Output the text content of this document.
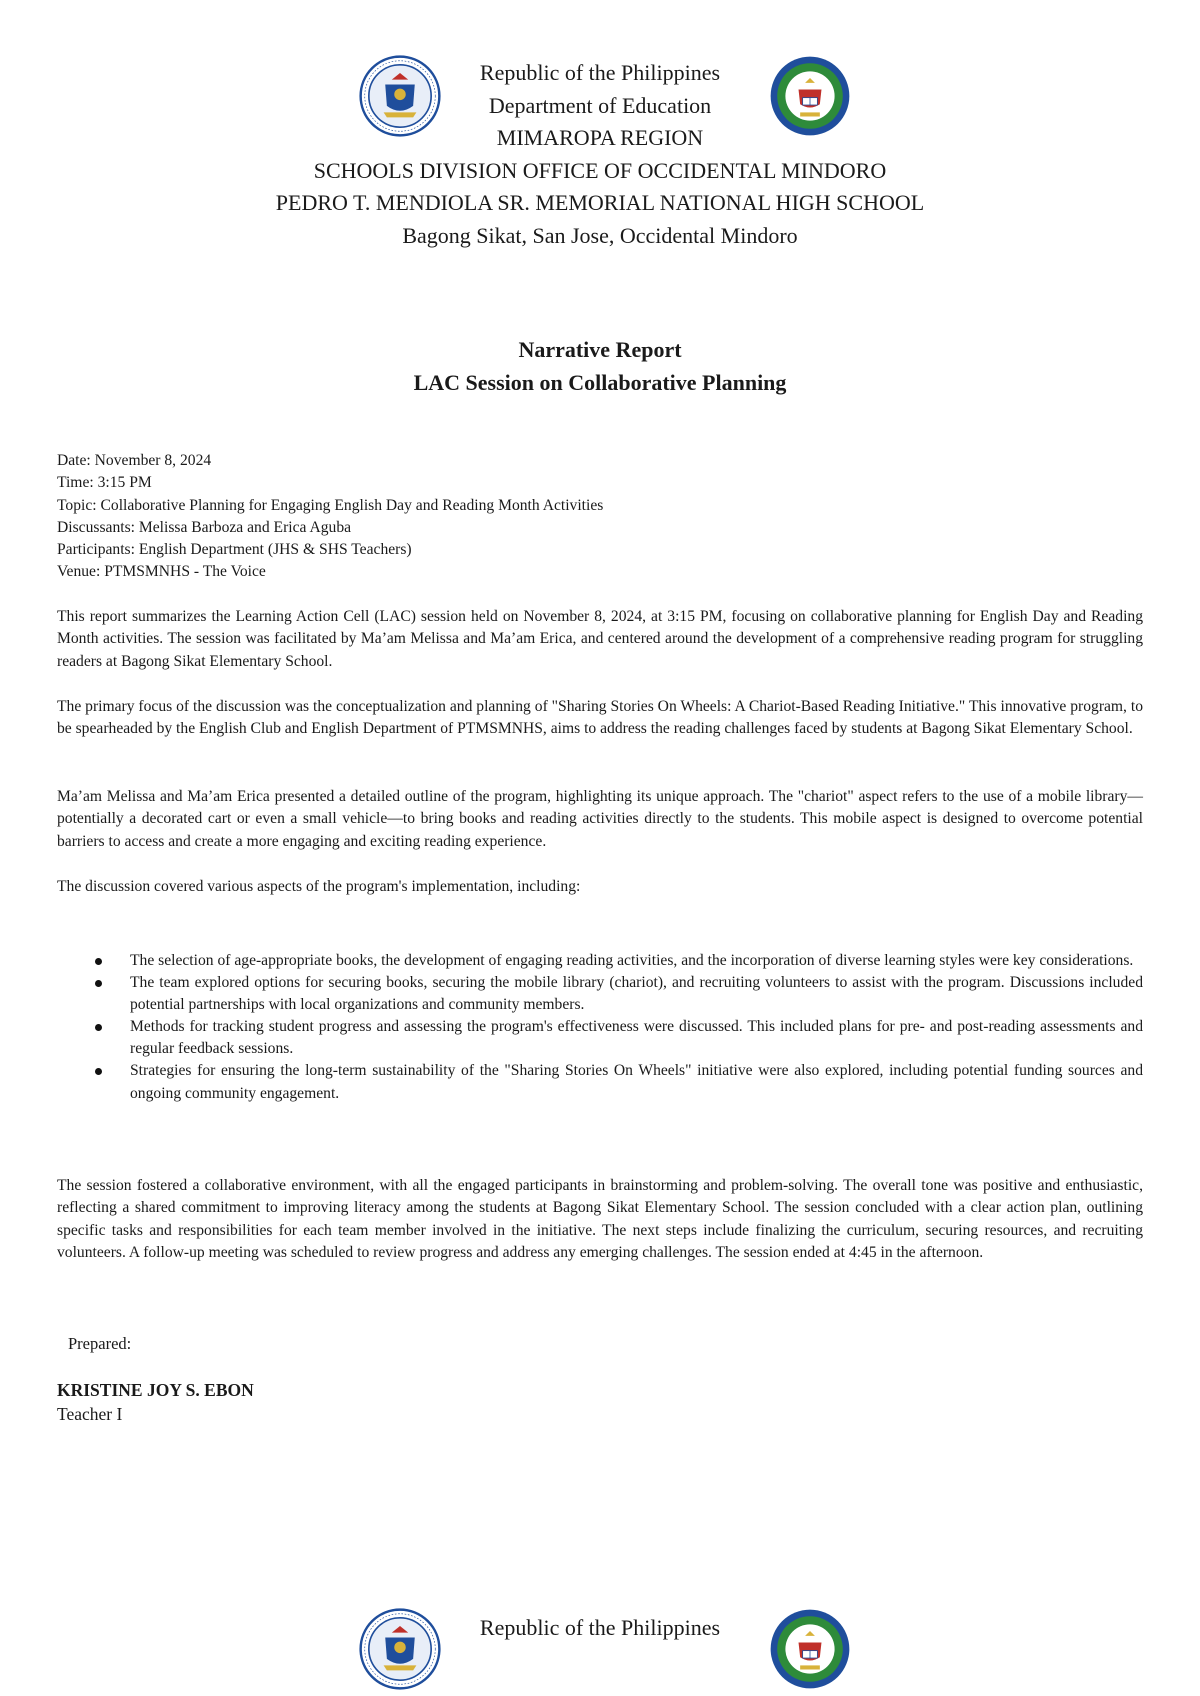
Republic of the Philippines
Department of Education
MIMAROPA REGION
SCHOOLS DIVISION OFFICE OF OCCIDENTAL MINDORO
PEDRO T. MENDIOLA SR. MEMORIAL NATIONAL HIGH SCHOOL
Bagong Sikat, San Jose, Occidental Mindoro
Narrative Report
LAC Session on Collaborative Planning
Date: November 8, 2024
Time: 3:15 PM
Topic: Collaborative Planning for Engaging English Day and Reading Month Activities
Discussants: Melissa Barboza and Erica Aguba
Participants: English Department (JHS & SHS Teachers)
Venue: PTMSMNHS - The Voice

This report summarizes the Learning Action Cell (LAC) session held on November 8, 2024, at 3:15 PM, focusing on collaborative planning for English Day and Reading Month activities. The session was facilitated by Ma’am Melissa and Ma’am Erica, and centered around the development of a comprehensive reading program for struggling readers at Bagong Sikat Elementary School.

The primary focus of the discussion was the conceptualization and planning of "Sharing Stories On Wheels: A Chariot-Based Reading Initiative." This innovative program, to be spearheaded by the English Club and English Department of PTMSMNHS, aims to address the reading challenges faced by students at Bagong Sikat Elementary School.

Ma’am Melissa and Ma’am Erica presented a detailed outline of the program, highlighting its unique approach. The "chariot" aspect refers to the use of a mobile library—potentially a decorated cart or even a small vehicle—to bring books and reading activities directly to the students. This mobile aspect is designed to overcome potential barriers to access and create a more engaging and exciting reading experience.

The discussion covered various aspects of the program's implementation, including:

The selection of age-appropriate books, the development of engaging reading activities, and the incorporation of diverse learning styles were key considerations.
The team explored options for securing books, securing the mobile library (chariot), and recruiting volunteers to assist with the program. Discussions included potential partnerships with local organizations and community members.
Methods for tracking student progress and assessing the program's effectiveness were discussed. This included plans for pre- and post-reading assessments and regular feedback sessions.
Strategies for ensuring the long-term sustainability of the "Sharing Stories On Wheels" initiative were also explored, including potential funding sources and ongoing community engagement.

The session fostered a collaborative environment, with all the engaged participants in brainstorming and problem-solving. The overall tone was positive and enthusiastic, reflecting a shared commitment to improving literacy among the students at Bagong Sikat Elementary School. The session concluded with a clear action plan, outlining specific tasks and responsibilities for each team member involved in the initiative. The next steps include finalizing the curriculum, securing resources, and recruiting volunteers. A follow-up meeting was scheduled to review progress and address any emerging challenges. The session ended at 4:45 in the afternoon.

Prepared:
KRISTINE JOY S. EBON
Teacher I
Republic of the Philippines
